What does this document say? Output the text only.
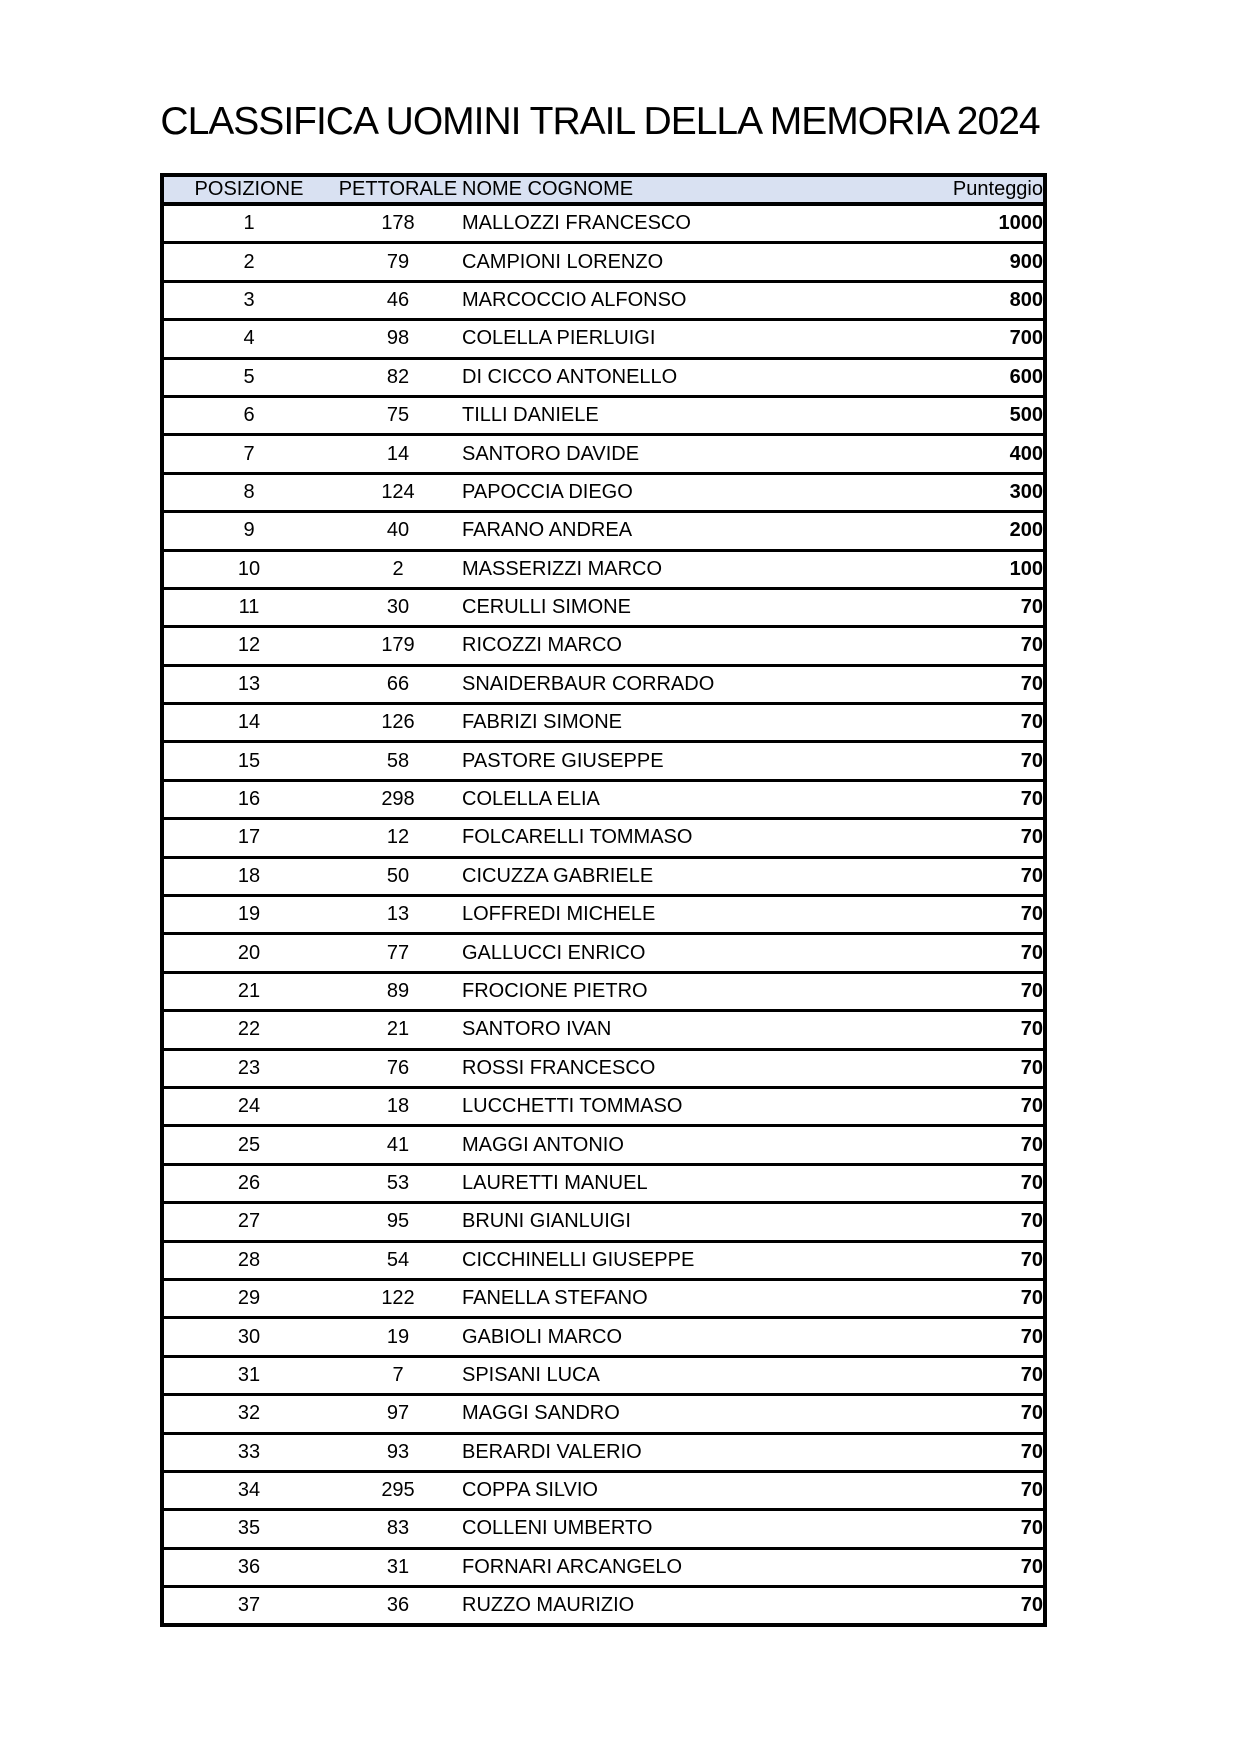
CLASSIFICA UOMINI TRAIL DELLA MEMORIA 2024
POSIZIONE	PETTORALE	NOME COGNOME	Punteggio
1	178	MALLOZZI FRANCESCO	1000
2	79	CAMPIONI LORENZO	900
3	46	MARCOCCIO ALFONSO	800
4	98	COLELLA PIERLUIGI	700
5	82	DI CICCO ANTONELLO	600
6	75	TILLI DANIELE	500
7	14	SANTORO DAVIDE	400
8	124	PAPOCCIA DIEGO	300
9	40	FARANO ANDREA	200
10	2	MASSERIZZI MARCO	100
11	30	CERULLI SIMONE	70
12	179	RICOZZI MARCO	70
13	66	SNAIDERBAUR CORRADO	70
14	126	FABRIZI SIMONE	70
15	58	PASTORE GIUSEPPE	70
16	298	COLELLA ELIA	70
17	12	FOLCARELLI TOMMASO	70
18	50	CICUZZA GABRIELE	70
19	13	LOFFREDI MICHELE	70
20	77	GALLUCCI ENRICO	70
21	89	FROCIONE PIETRO	70
22	21	SANTORO IVAN	70
23	76	ROSSI FRANCESCO	70
24	18	LUCCHETTI TOMMASO	70
25	41	MAGGI ANTONIO	70
26	53	LAURETTI MANUEL	70
27	95	BRUNI GIANLUIGI	70
28	54	CICCHINELLI GIUSEPPE	70
29	122	FANELLA STEFANO	70
30	19	GABIOLI MARCO	70
31	7	SPISANI LUCA	70
32	97	MAGGI SANDRO	70
33	93	BERARDI VALERIO	70
34	295	COPPA SILVIO	70
35	83	COLLENI UMBERTO	70
36	31	FORNARI ARCANGELO	70
37	36	RUZZO MAURIZIO	70
